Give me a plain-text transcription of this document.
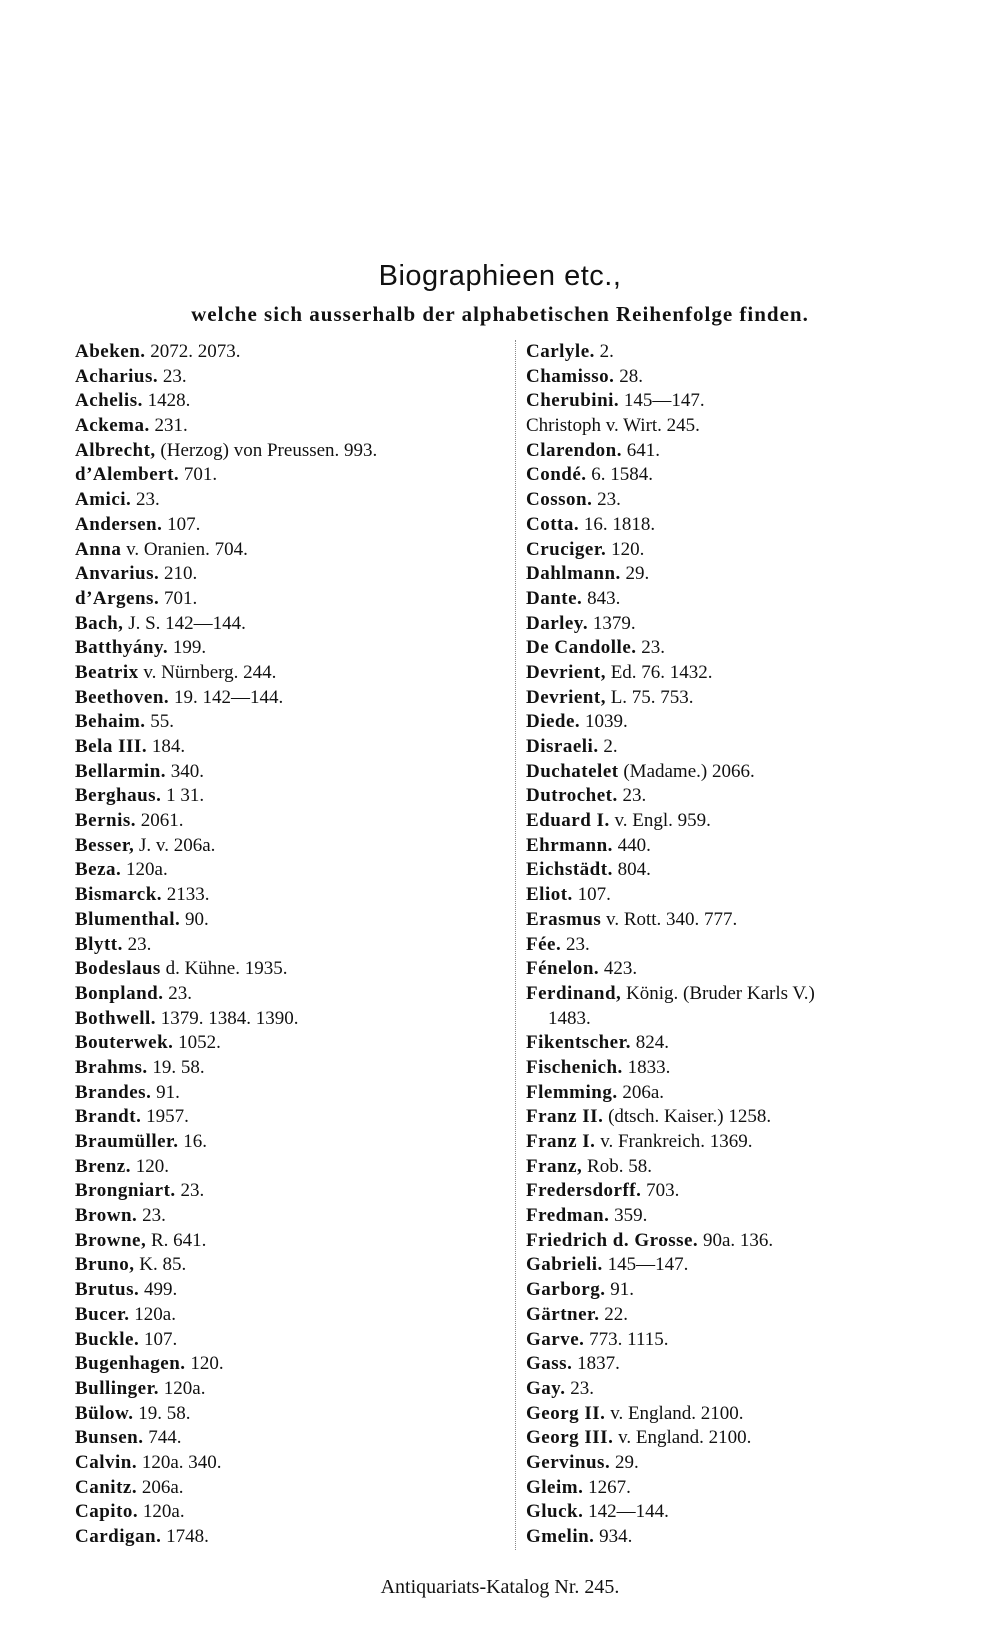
Biographieen etc.,
welche sich ausserhalb der alphabetischen Reihenfolge finden.
Abeken. 2072. 2073.
Acharius. 23.
Achelis. 1428.
Ackema. 231.
Albrecht, (Herzog) von Preussen. 993.
d’Alembert. 701.
Amici. 23.
Andersen. 107.
Anna v. Oranien. 704.
Anvarius. 210.
d’Argens. 701.
Bach, J. S. 142—144.
Batthyány. 199.
Beatrix v. Nürnberg. 244.
Beethoven. 19. 142—144.
Behaim. 55.
Bela III. 184.
Bellarmin. 340.
Berghaus. 1 31.
Bernis. 2061.
Besser, J. v. 206a.
Beza. 120a.
Bismarck. 2133.
Blumenthal. 90.
Blytt. 23.
Bodeslaus d. Kühne. 1935.
Bonpland. 23.
Bothwell. 1379. 1384. 1390.
Bouterwek. 1052.
Brahms. 19. 58.
Brandes. 91.
Brandt. 1957.
Braumüller. 16.
Brenz. 120.
Brongniart. 23.
Brown. 23.
Browne, R. 641.
Bruno, K. 85.
Brutus. 499.
Bucer. 120a.
Buckle. 107.
Bugenhagen. 120.
Bullinger. 120a.
Bülow. 19. 58.
Bunsen. 744.
Calvin. 120a. 340.
Canitz. 206a.
Capito. 120a.
Cardigan. 1748.
Carlyle. 2.
Chamisso. 28.
Cherubini. 145—147.
Christoph v. Wirt. 245.
Clarendon. 641.
Condé. 6. 1584.
Cosson. 23.
Cotta. 16. 1818.
Cruciger. 120.
Dahlmann. 29.
Dante. 843.
Darley. 1379.
De Candolle. 23.
Devrient, Ed. 76. 1432.
Devrient, L. 75. 753.
Diede. 1039.
Disraeli. 2.
Duchatelet (Madame.) 2066.
Dutrochet. 23.
Eduard I. v. Engl. 959.
Ehrmann. 440.
Eichstädt. 804.
Eliot. 107.
Erasmus v. Rott. 340. 777.
Fée. 23.
Fénelon. 423.
Ferdinand, König. (Bruder Karls V.)
1483.
Fikentscher. 824.
Fischenich. 1833.
Flemming. 206a.
Franz II. (dtsch. Kaiser.) 1258.
Franz I. v. Frankreich. 1369.
Franz, Rob. 58.
Fredersdorff. 703.
Fredman. 359.
Friedrich d. Grosse. 90a. 136.
Gabrieli. 145—147.
Garborg. 91.
Gärtner. 22.
Garve. 773. 1115.
Gass. 1837.
Gay. 23.
Georg II. v. England. 2100.
Georg III. v. England. 2100.
Gervinus. 29.
Gleim. 1267.
Gluck. 142—144.
Gmelin. 934.
Antiquariats-Katalog Nr. 245.
